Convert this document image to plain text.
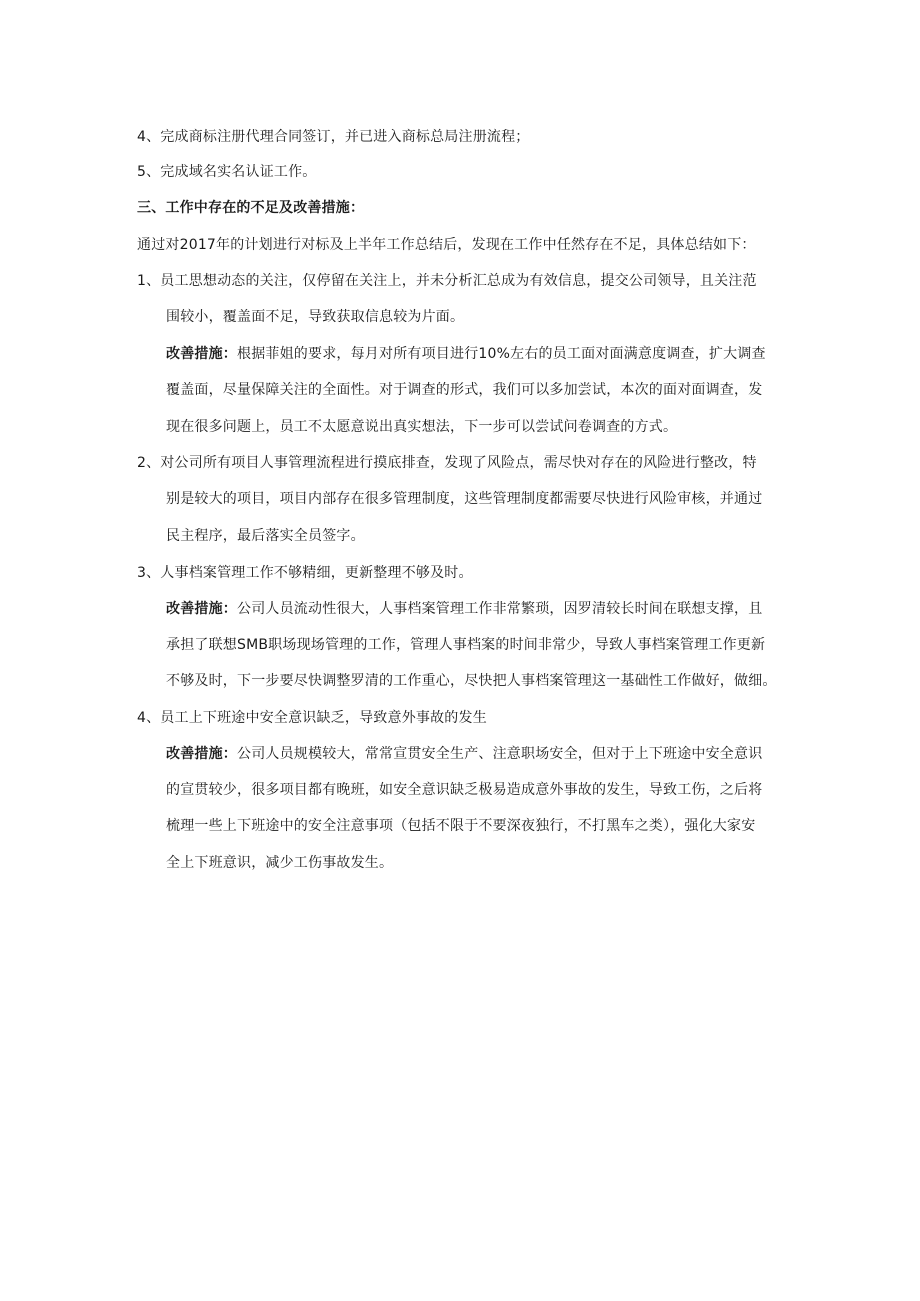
4、完成商标注册代理合同签订，并已进入商标总局注册流程；
5、完成域名实名认证工作。
三、工作中存在的不足及改善措施：
通过对2017年的计划进行对标及上半年工作总结后，发现在工作中任然存在不足，具体总结如下：
1、员工思想动态的关注，仅停留在关注上，并未分析汇总成为有效信息，提交公司领导，且关注范
围较小，覆盖面不足，导致获取信息较为片面。
改善措施：根据菲姐的要求，每月对所有项目进行10%左右的员工面对面满意度调查，扩大调查
覆盖面，尽量保障关注的全面性。对于调查的形式，我们可以多加尝试，本次的面对面调查，发
现在很多问题上，员工不太愿意说出真实想法，下一步可以尝试问卷调查的方式。
2、对公司所有项目人事管理流程进行摸底排查，发现了风险点，需尽快对存在的风险进行整改，特
别是较大的项目，项目内部存在很多管理制度，这些管理制度都需要尽快进行风险审核，并通过
民主程序，最后落实全员签字。
3、人事档案管理工作不够精细，更新整理不够及时。
改善措施：公司人员流动性很大，人事档案管理工作非常繁琐，因罗清较长时间在联想支撑，且
承担了联想SMB职场现场管理的工作，管理人事档案的时间非常少，导致人事档案管理工作更新
不够及时，下一步要尽快调整罗清的工作重心，尽快把人事档案管理这一基础性工作做好，做细。
4、员工上下班途中安全意识缺乏，导致意外事故的发生
改善措施：公司人员规模较大，常常宣贯安全生产、注意职场安全，但对于上下班途中安全意识
的宣贯较少，很多项目都有晚班，如安全意识缺乏极易造成意外事故的发生，导致工伤，之后将
梳理一些上下班途中的安全注意事项（包括不限于不要深夜独行，不打黑车之类），强化大家安
全上下班意识，减少工伤事故发生。
